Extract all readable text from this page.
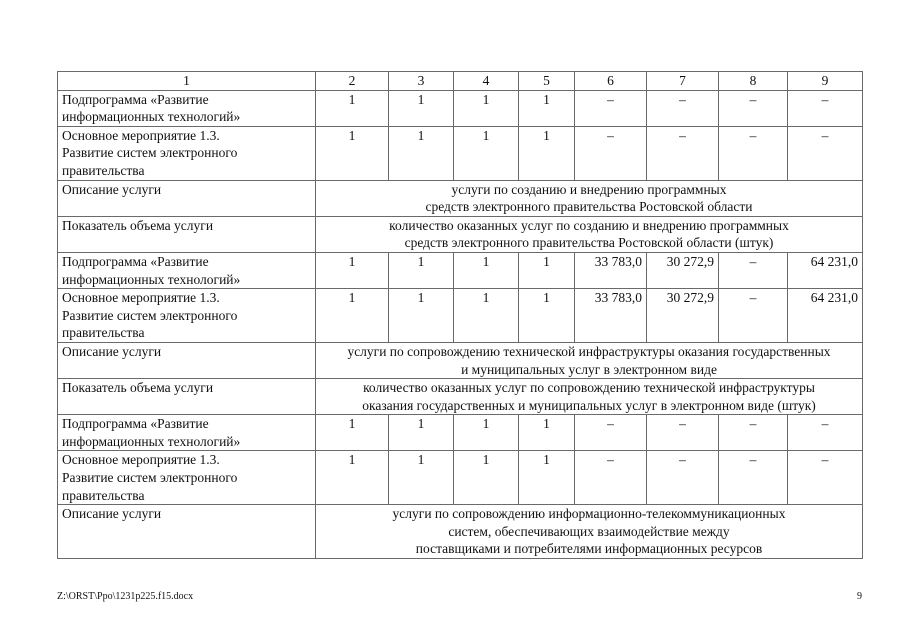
1	2	3	4	5	6	7	8	9

Подпрограмма «Развитие
информационных технологий»	1	1	1	1	–	–	–	–

Основное мероприятие 1.3.
Развитие систем электронного
правительства	1	1	1	1	–	–	–	–

Описание услуги	услуги по созданию и внедрению программных
средств электронного правительства Ростовской области							

Показатель объема услуги	количество оказанных услуг по созданию и внедрению программных
средств электронного правительства Ростовской области (штук)							

Подпрограмма «Развитие
информационных технологий»	1	1	1	1	33 783,0	30 272,9	–	64 231,0

Основное мероприятие 1.3.
Развитие систем электронного
правительства	1	1	1	1	33 783,0	30 272,9	–	64 231,0

Описание услуги	услуги по сопровождению технической инфраструктуры оказания государственных
и муниципальных услуг в электронном виде							

Показатель объема услуги	количество оказанных услуг по сопровождению технической инфраструктуры
оказания государственных и муниципальных услуг в электронном виде (штук)							

Подпрограмма «Развитие
информационных технологий»	1	1	1	1	–	–	–	–

Основное мероприятие 1.3.
Развитие систем электронного
правительства	1	1	1	1	–	–	–	–

Описание услуги	услуги по сопровождению информационно-телекоммуникационных
систем, обеспечивающих взаимодействие между
поставщиками и потребителями информационных ресурсов							
Z:\ORST\Ppo\1231p225.f15.docx	9
